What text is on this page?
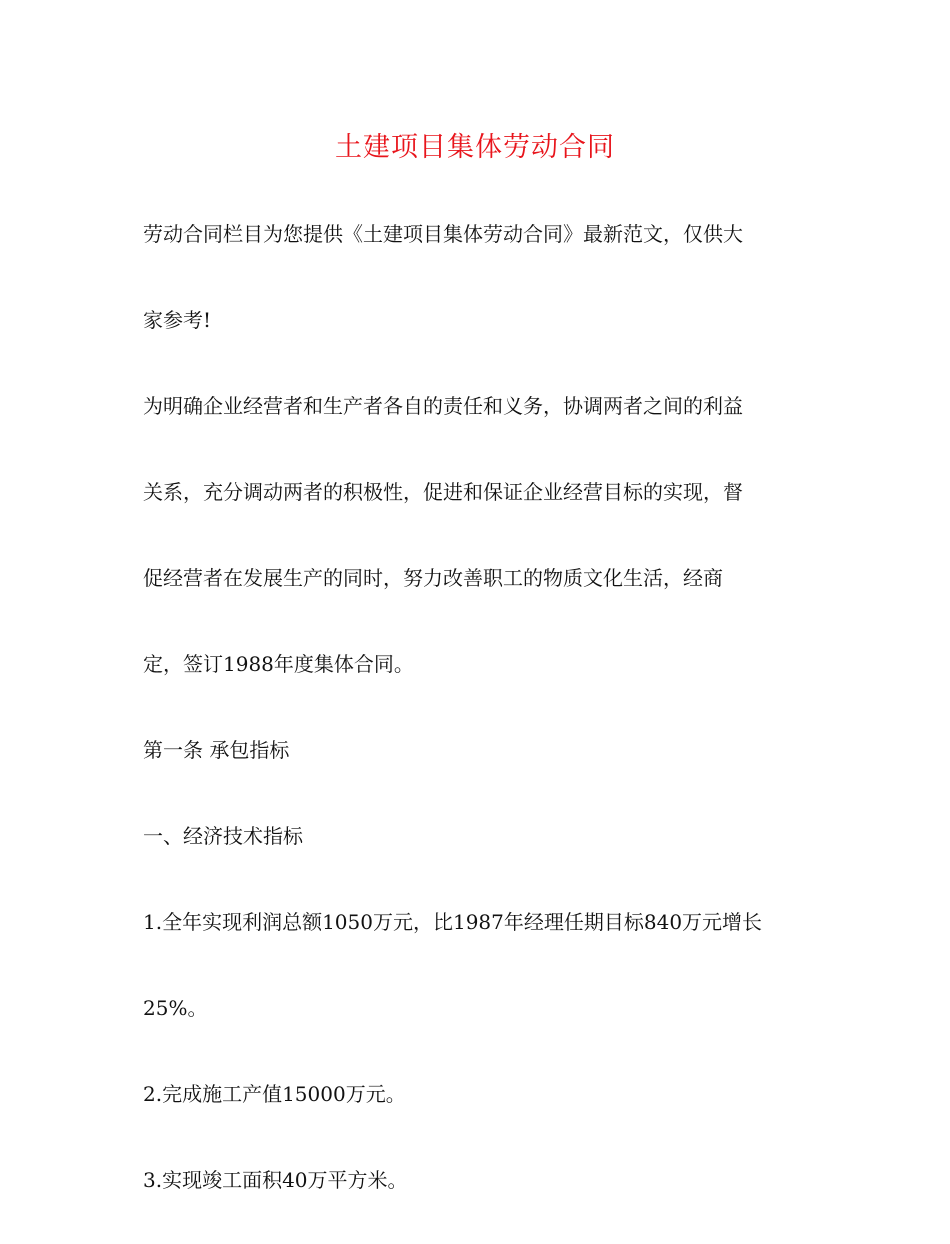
土建项目集体劳动合同
劳动合同栏目为您提供《土建项目集体劳动合同》最新范文，仅供大
家参考!
为明确企业经营者和生产者各自的责任和义务，协调两者之间的利益
关系，充分调动两者的积极性，促进和保证企业经营目标的实现，督
促经营者在发展生产的同时，努力改善职工的物质文化生活，经商
定，签订1988年度集体合同。
第一条 承包指标
一、经济技术指标
1.全年实现利润总额1050万元，比1987年经理任期目标840万元增长
25%。
2.完成施工产值15000万元。
3.实现竣工面积40万平方米。
